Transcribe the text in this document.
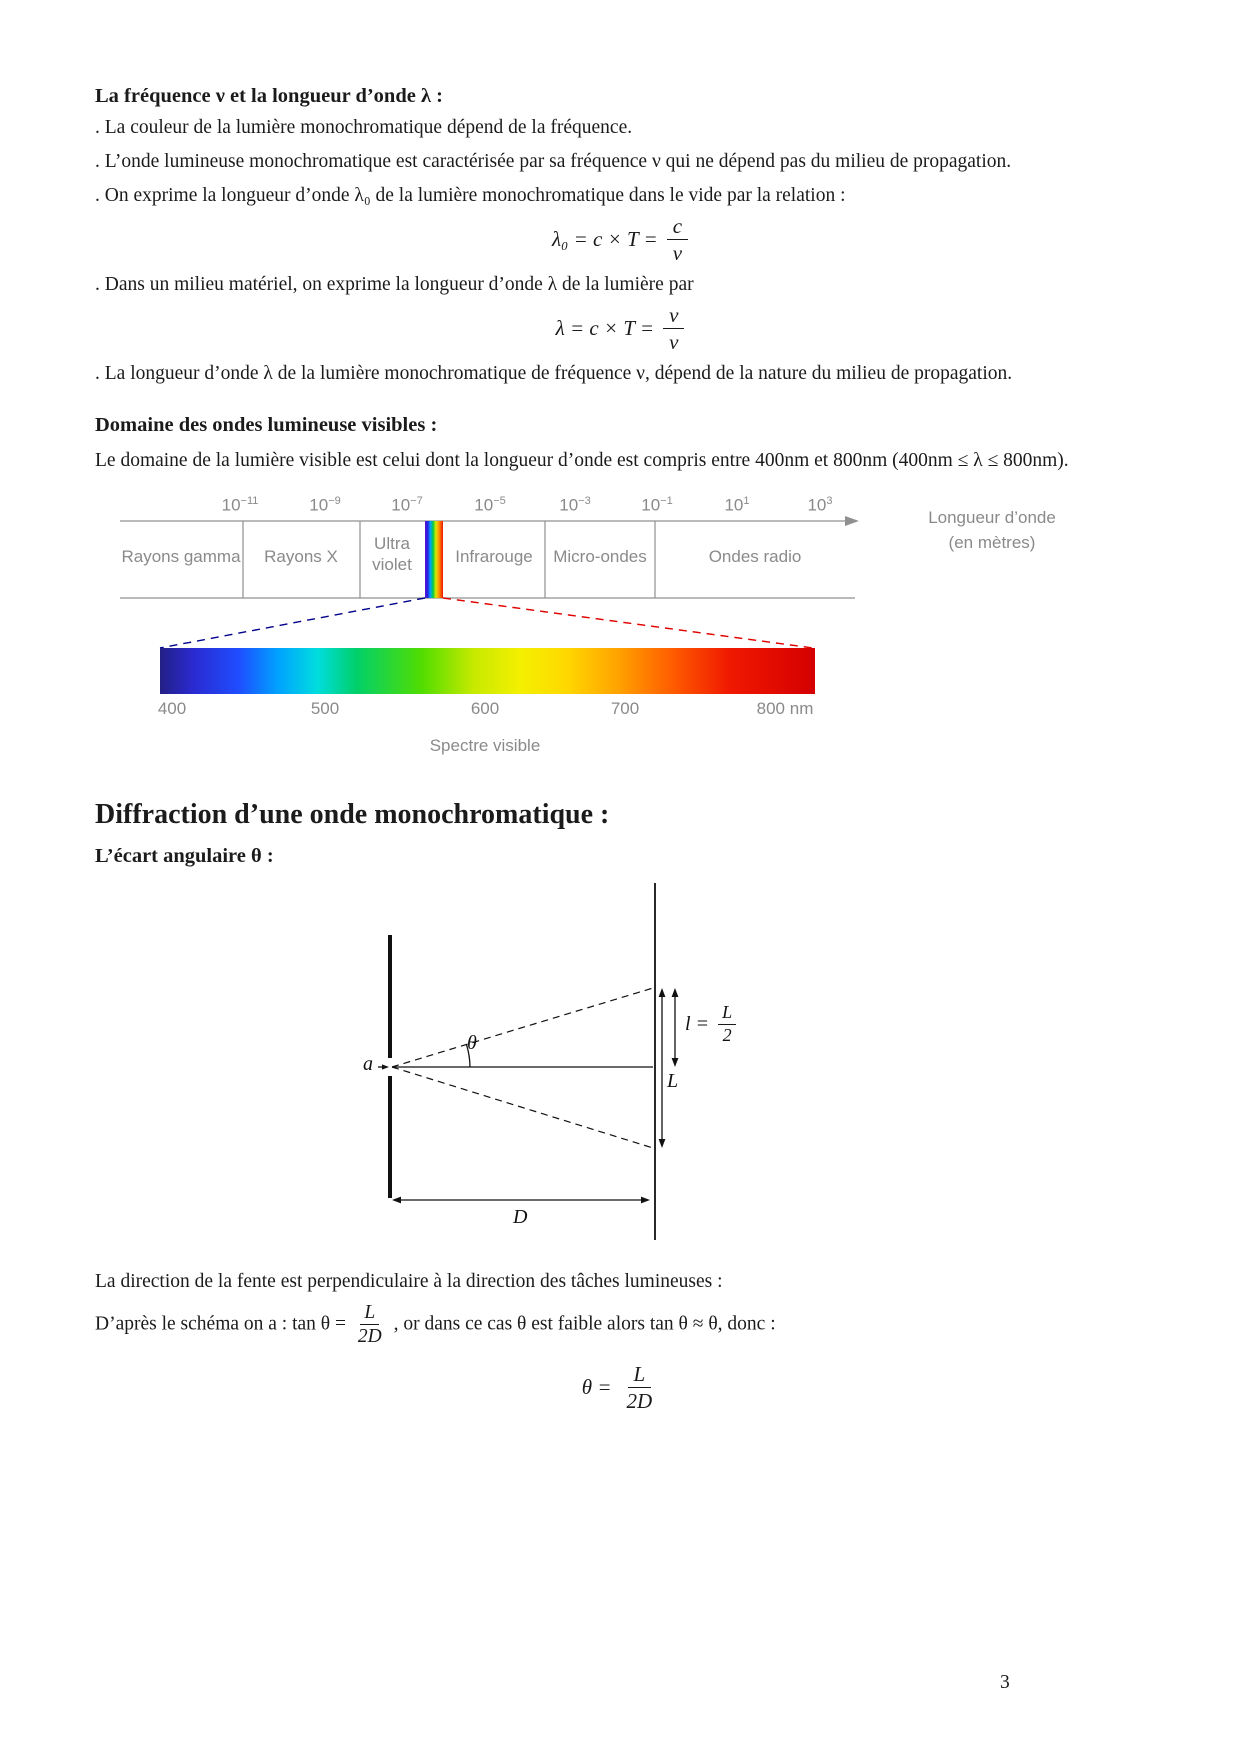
La fréquence ν et la longueur d’onde λ :

. La couleur de la lumière monochromatique dépend de la fréquence.

. L’onde lumineuse monochromatique est caractérisée par sa fréquence ν qui ne dépend pas du milieu de propagation.

. On exprime la longueur d’onde λ₀ de la lumière monochromatique dans le vide par la relation :

$\lambda_0 = c \times T = \frac{c}{\nu}$

. Dans un milieu matériel, on exprime la longueur d’onde λ de la lumière par

$\lambda = c \times T = \frac{v}{\nu}$

. La longueur d’onde λ de la lumière monochromatique de fréquence ν, dépend de la nature du milieu de propagation.

Domaine des ondes lumineuse visibles :

Le domaine de la lumière visible est celui dont la longueur d’onde est compris entre 400nm et 800nm (400nm ≤ λ ≤ 800nm).

$10^{-11}$	$10^{-9}$	$10^{-7}$	$10^{-5}$	$10^{-3}$	$10^{-1}$	$10^1$	$10^3$
Longueur d’onde
(en mètres)
Rayons gamma Rayons X
Ultra
violet	Infrarouge Micro-ondes	Ondes radio
400	500	600	700	800 nm
Spectre visible
Diffraction d’une onde monochromatique :
L’écart angulaire θ :
a
θ
$l = \frac{L}{2}$
L
D

La direction de la fente est perpendiculaire à la direction des tâches lumineuses :

D’après le schéma on a : $\tan \theta = \frac{L}{2D}$ , or dans ce cas θ est faible alors tan θ ≈ θ, donc :

$\theta = \frac{L}{2D}$
3
